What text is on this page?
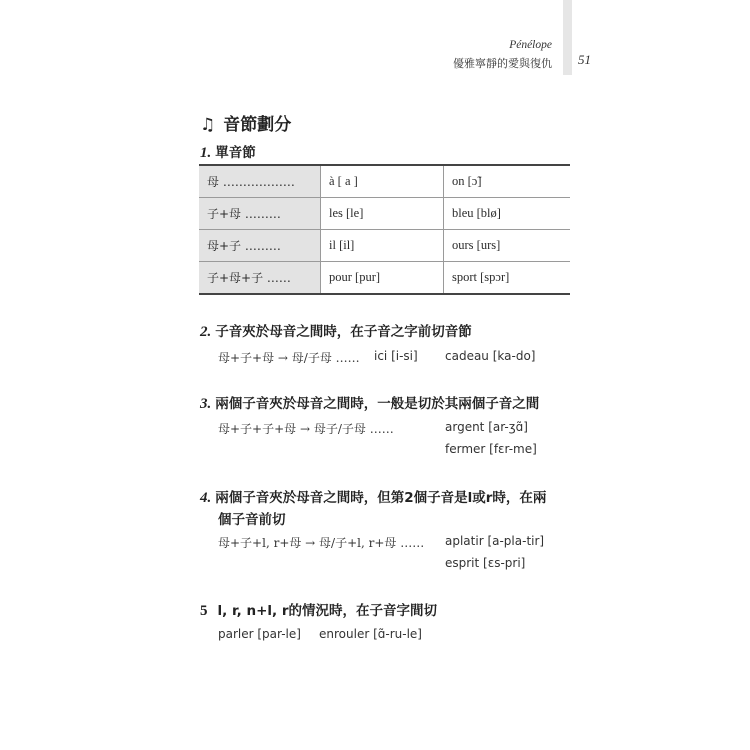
Pénélope
優雅寧靜的愛與復仇 51
♫ 音節劃分
1. 單音節
母 ………………	à [ a ]	on [ɔ̃]
子+母 ………	les [le]	bleu [blø]
母+子 ………	il [il]	ours [urs]
子+母+子 ……	pour [pur]	sport [spɔr]
2. 子音夾於母音之間時，在子音之字前切音節
母+子+母 → 母/子母 …… ici [i-si] cadeau [ka-do]
3. 兩個子音夾於母音之間時，一般是切於其兩個子音之間
母+子+子+母 → 母子/子母 ……	argent [ar-ʒɑ̃]
fermer [fɛr-me]
4. 兩個子音夾於母音之間時，但第2個子音是l或r時，在兩
個子音前切
母+子+l, r+母 → 母/子+l, r+母 …… aplatir [a-pla-tir]
esprit [ɛs-pri]
5 l, r, n+l, r的情況時，在子音字間切
parler [par-le] enrouler [ɑ̃-ru-le]
